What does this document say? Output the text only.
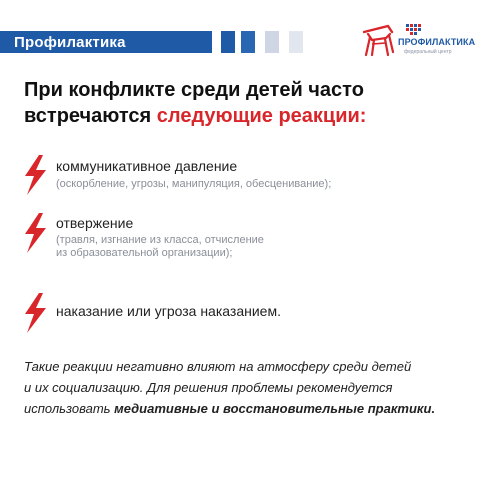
Профилактика	ПРОФИЛАКТИКА
федеральный центр
При конфликте среди детей часто
встречаются следующие реакции:
коммуникативное давление
(оскорбление, угрозы, манипуляция, обесценивание);
отвержение
(травля, изгнание из класса, отчисление
из образовательной организации);
наказание или угроза наказанием.
Такие реакции негативно влияют на атмосферу среди детей
и их социализацию. Для решения проблемы рекомендуется
использовать медиативные и восстановительные практики.
